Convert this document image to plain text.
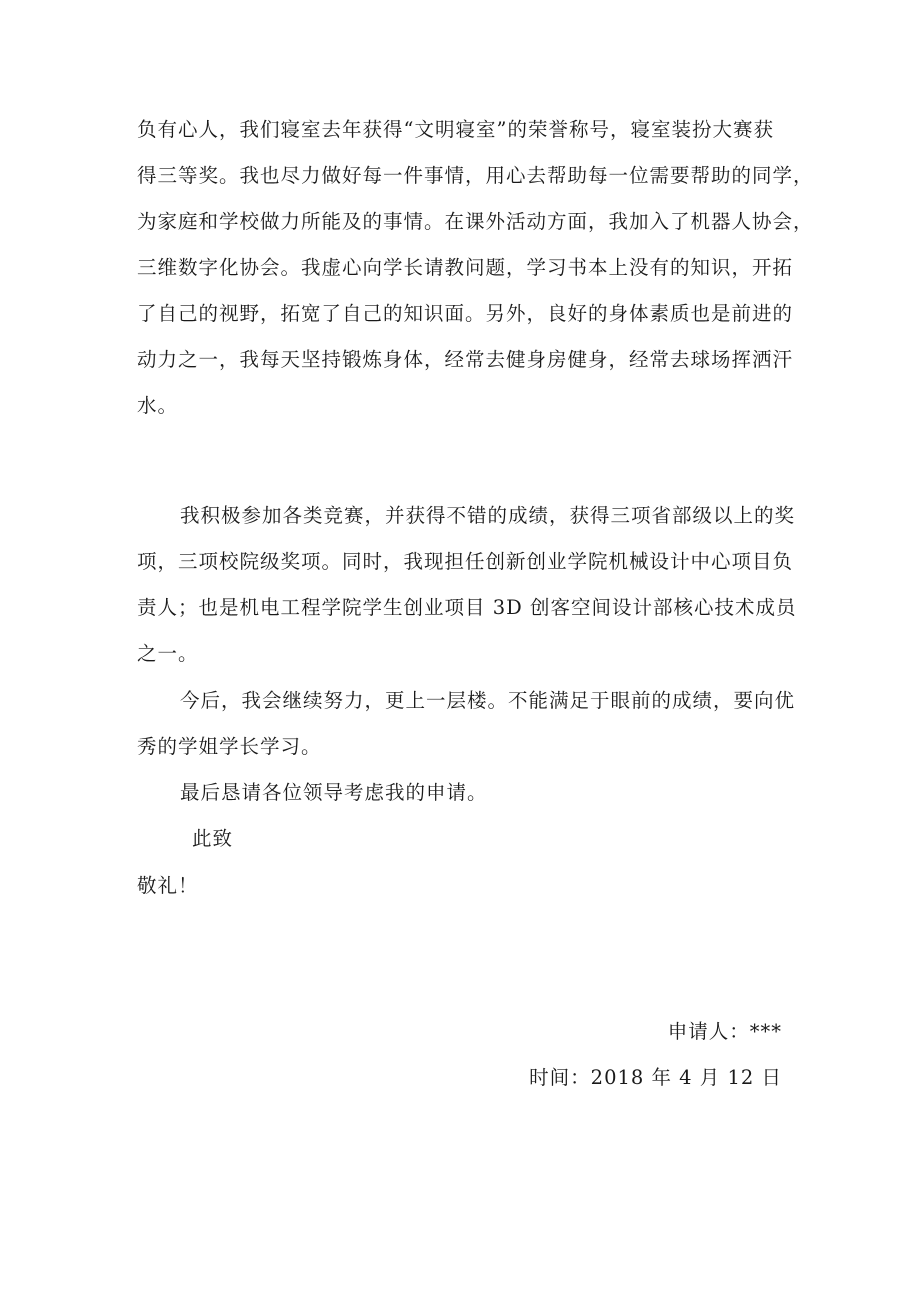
负有心人，我们寝室去年获得“文明寝室”的荣誉称号，寝室装扮大赛获
得三等奖。我也尽力做好每一件事情，用心去帮助每一位需要帮助的同学，
为家庭和学校做力所能及的事情。在课外活动方面，我加入了机器人协会，
三维数字化协会。我虚心向学长请教问题，学习书本上没有的知识，开拓
了自己的视野，拓宽了自己的知识面。另外，良好的身体素质也是前进的
动力之一，我每天坚持锻炼身体，经常去健身房健身，经常去球场挥洒汗
水。
我积极参加各类竞赛，并获得不错的成绩，获得三项省部级以上的奖
项，三项校院级奖项。同时，我现担任创新创业学院机械设计中心项目负
责人；也是机电工程学院学生创业项目 3D 创客空间设计部核心技术成员
之一。
今后，我会继续努力，更上一层楼。不能满足于眼前的成绩，要向优
秀的学姐学长学习。
最后恳请各位领导考虑我的申请。
此致
敬礼！
申请人：***
时间：2018 年 4 月 12 日
